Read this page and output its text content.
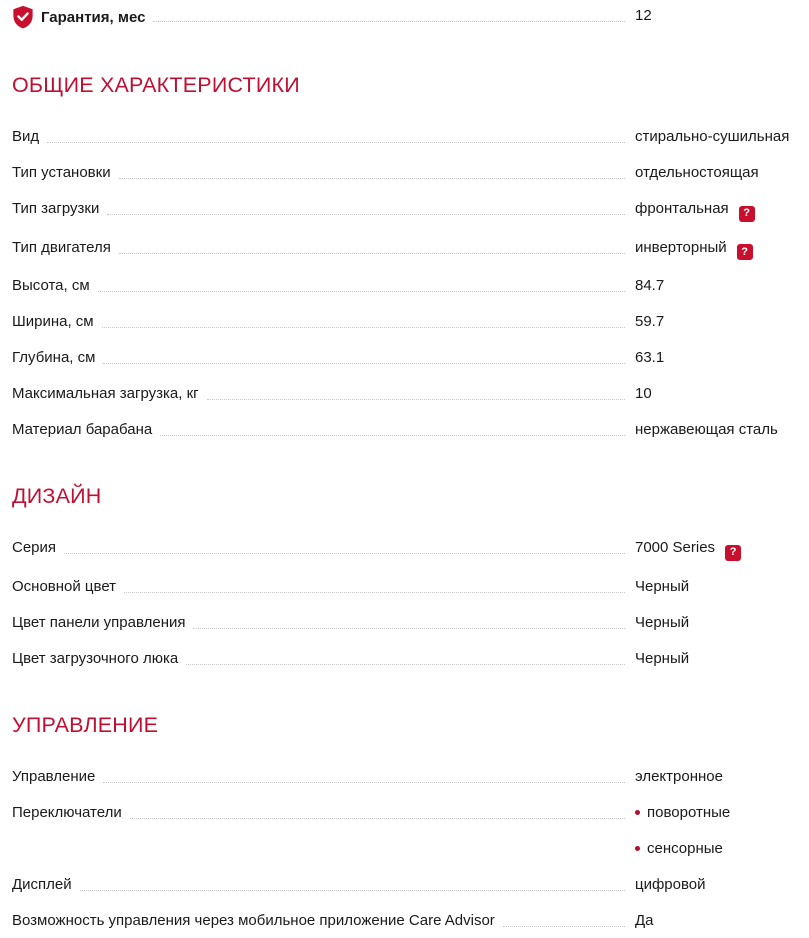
Гарантия, мес	12
ОБЩИЕ ХАРАКТЕРИСТИКИ
Вид	стирально-сушильная
Тип установки	отдельностоящая
Тип загрузки	фронтальная ?
Тип двигателя	инверторный ?
Высота, см	84.7
Ширина, см	59.7
Глубина, см	63.1
Максимальная загрузка, кг	10
Материал барабана	нержавеющая сталь
ДИЗАЙН
Серия	7000 Series ?
Основной цвет	Черный
Цвет панели управления	Черный
Цвет загрузочного люка	Черный
УПРАВЛЕНИЕ
Управление	электронное
Переключатели	поворотные
сенсорные
Дисплей	цифровой
Возможность управления через мобильное приложение Care Advisor	Да
